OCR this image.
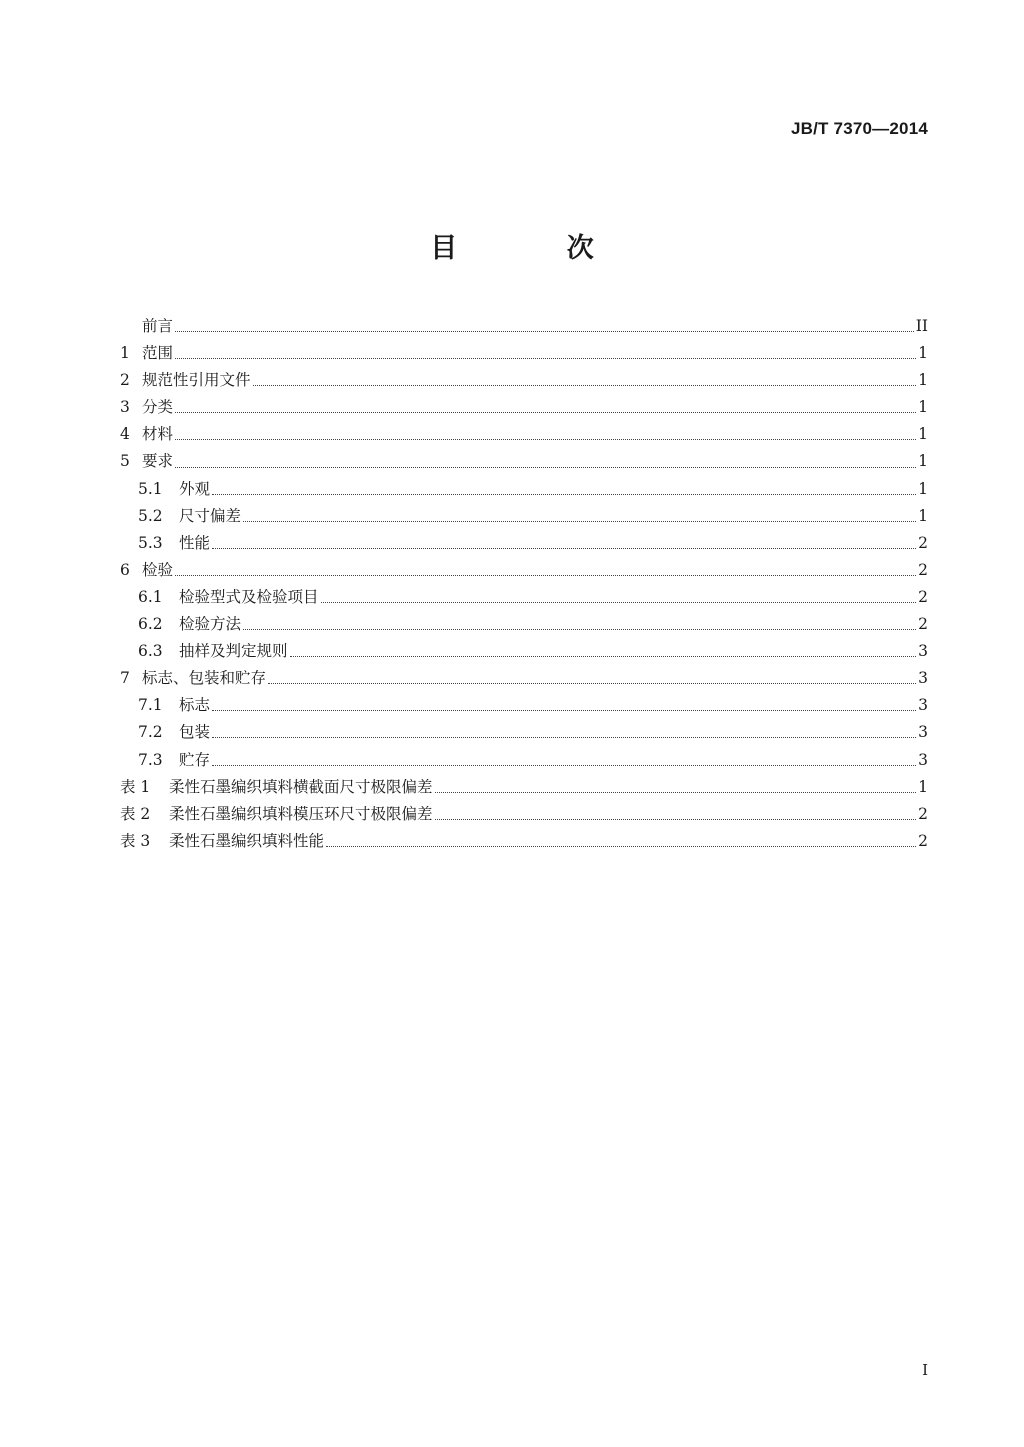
JB/T 7370—2014
目 次
前言	II
1 范围	1
2 规范性引用文件	1
3 分类	1
4 材料	1
5 要求	1
5.1	外观	1
5.2	尺寸偏差	1
5.3	性能	2
6 检验	2
6.1	检验型式及检验项目	2
6.2	检验方法	2
6.3	抽样及判定规则	3
7 标志、包装和贮存	3
7.1	标志	3
7.2	包装	3
7.3	贮存	3
表 1	柔性石墨编织填料横截面尺寸极限偏差	1
表 2	柔性石墨编织填料模压环尺寸极限偏差	2
表 3	柔性石墨编织填料性能	2
I
